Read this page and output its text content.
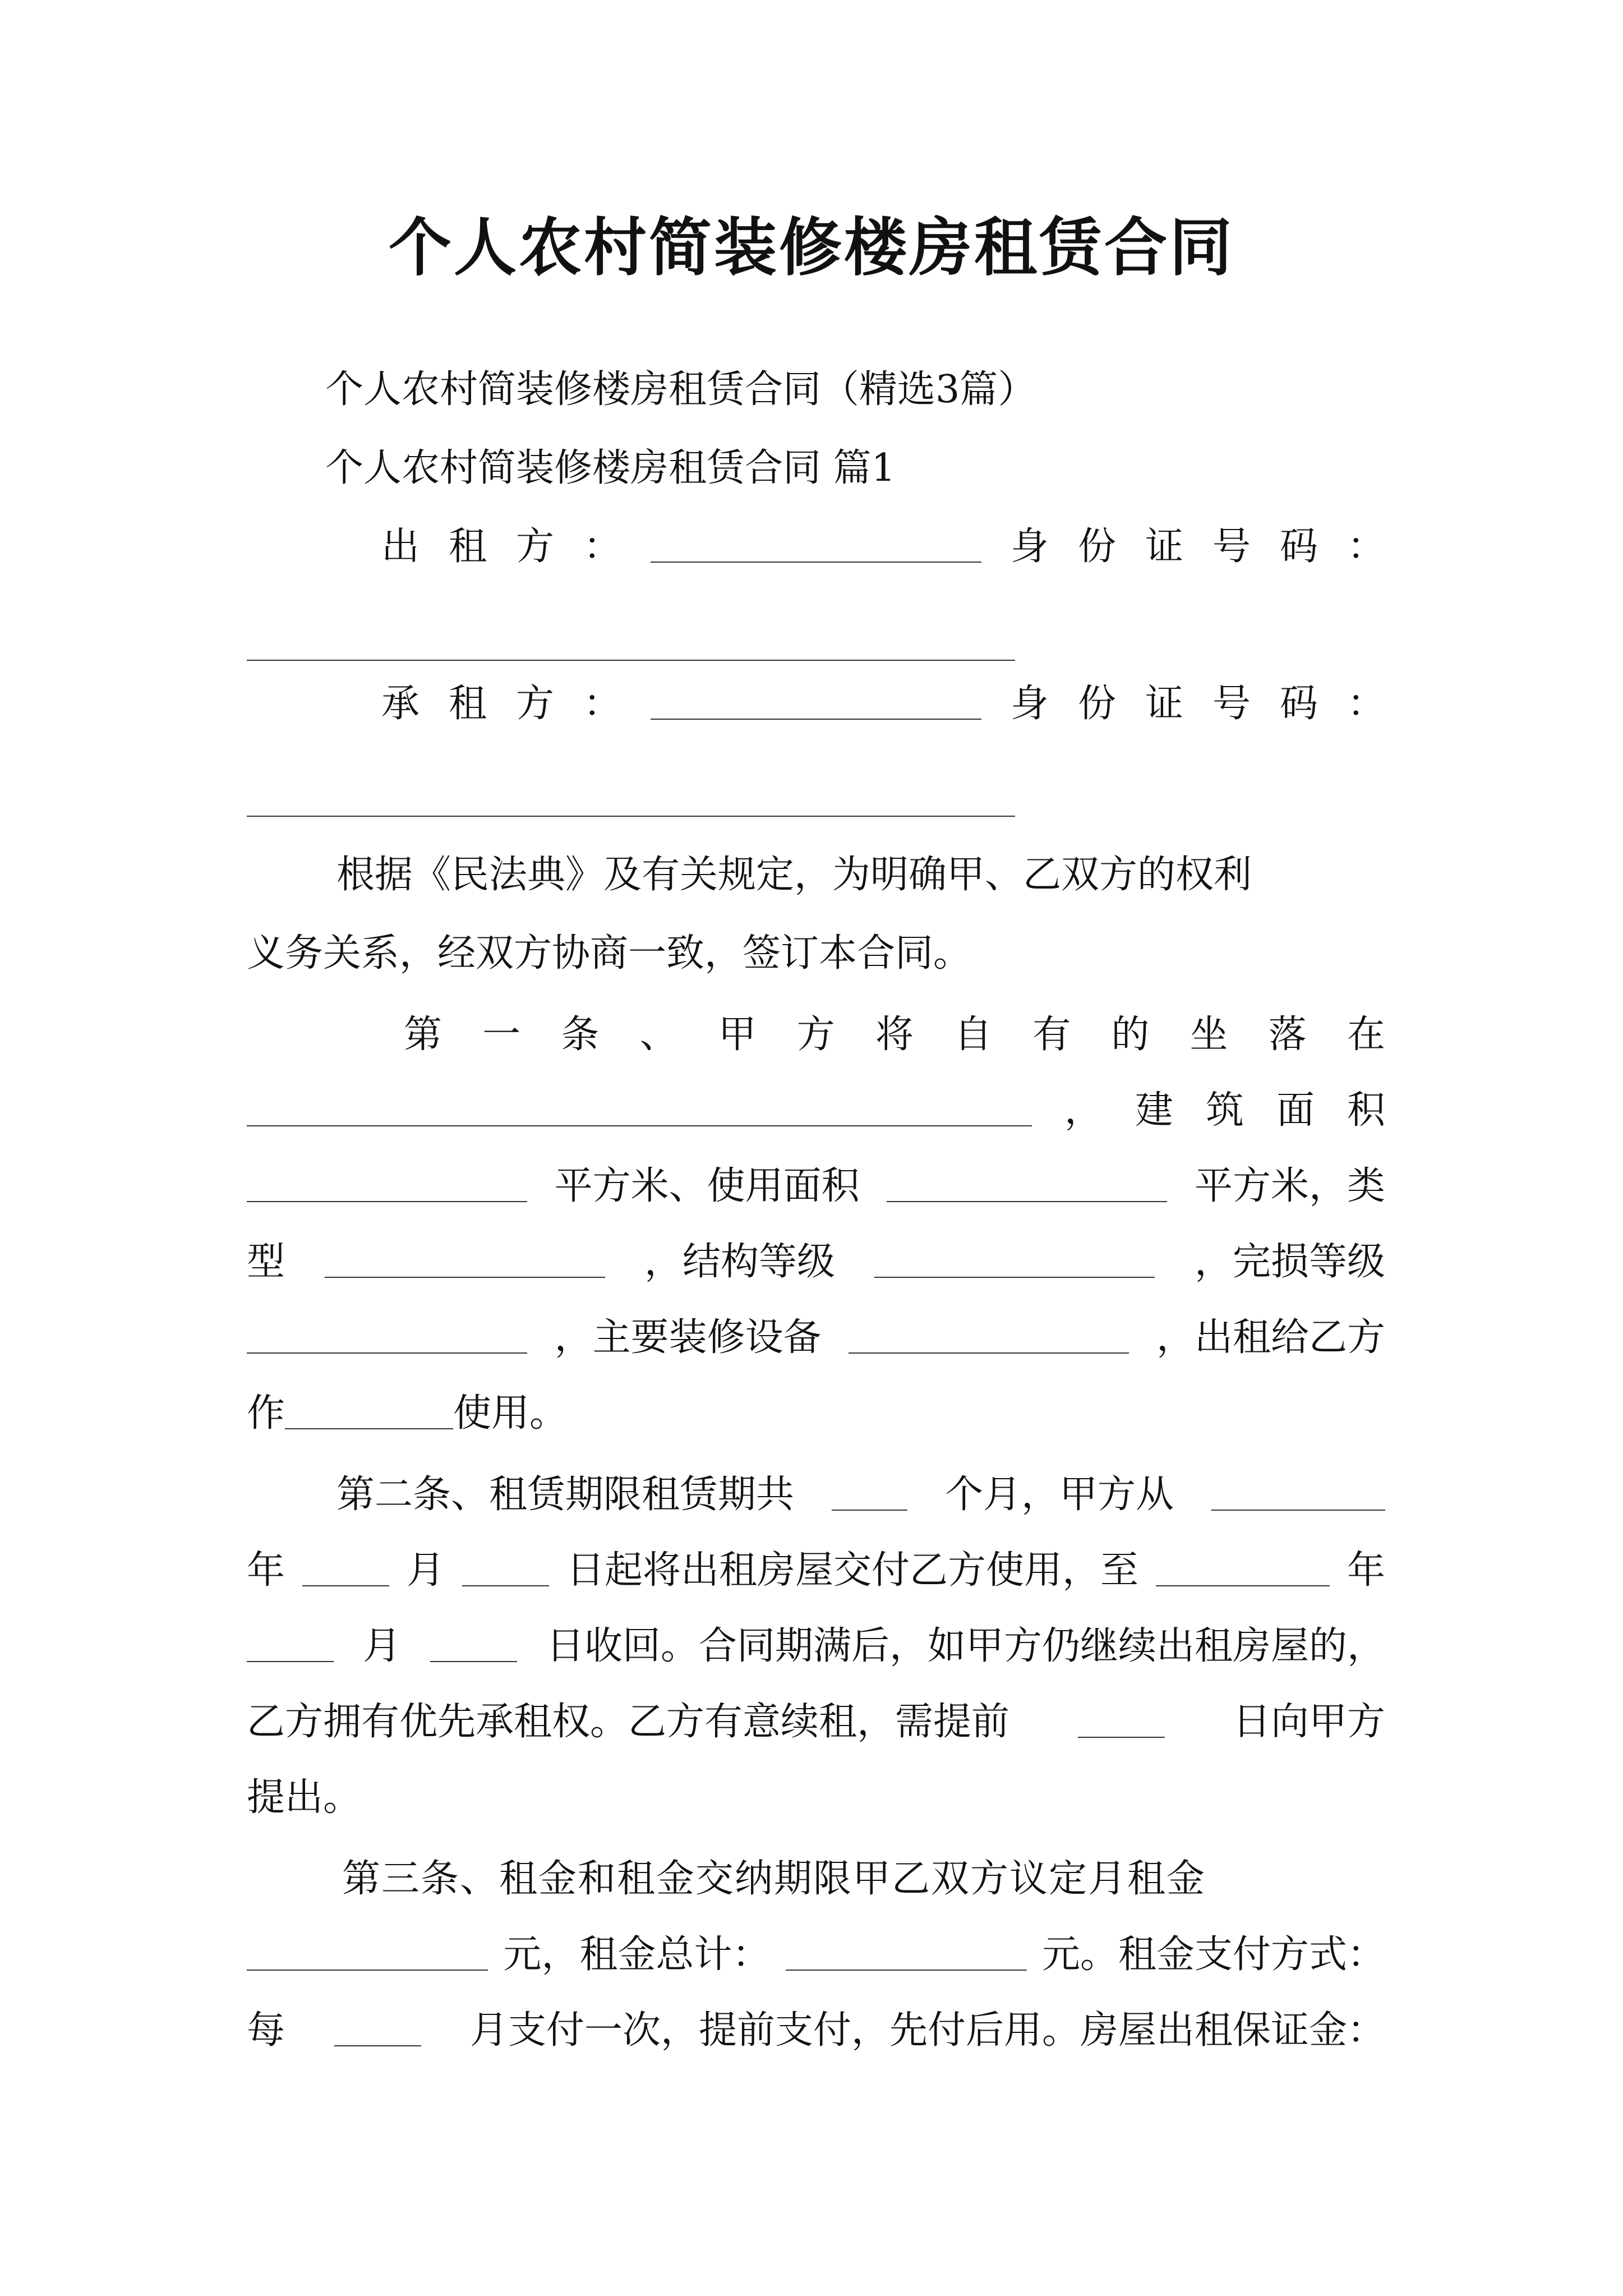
个人农村简装修楼房租赁合同
个人农村简装修楼房租赁合同（精选3篇）
个人农村简装修楼房租赁合同 篇1
出 租 方 ：	身 份 证 号 码 ：
承 租 方 ：	身 份 证 号 码 ：
根据《民法典》及有关规定，为明确甲、乙双方的权利
义务关系，经双方协商一致，签订本合同。
第 一 条 、 甲 方 将 自 有 的 坐 落 在
， 建 筑 面 积
平方米、使用面积	平方米，类
型	，结构等级	，完损等级
，主要装修设备	，出租给乙方
作	使用。
第二条、租赁期限租赁期共	个月，甲方从
年	月	日起将出租房屋交付乙方使用，至	年
月	日收回。合同期满后，如甲方仍继续出租房屋的，
乙方拥有优先承租权。乙方有意续租，需提前	日向甲方
提出。
第三条、租金和租金交纳期限甲乙双方议定月租金
元，租金总计：	元。租金支付方式：
每	月支付一次，提前支付，先付后用。房屋出租保证金：
